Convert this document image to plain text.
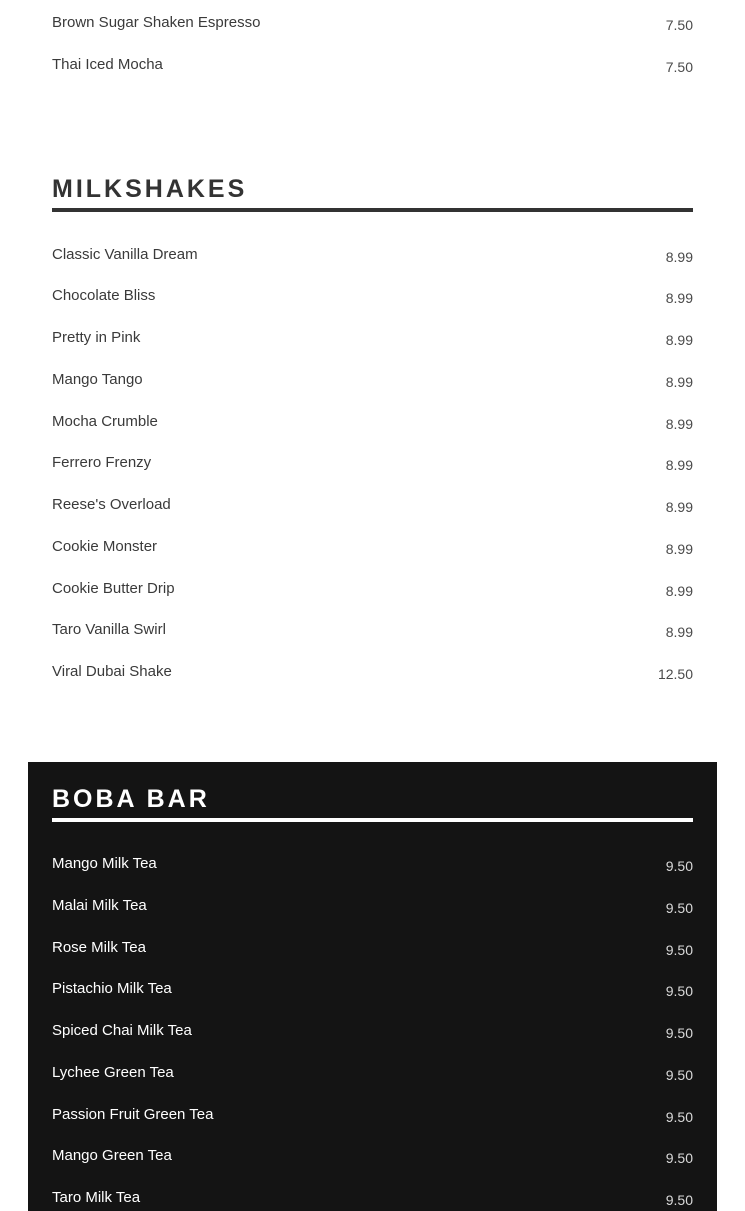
Brown Sugar Shaken Espresso	7.50
Thai Iced Mocha	7.50
MILKSHAKES
Classic Vanilla Dream	8.99
Chocolate Bliss	8.99
Pretty in Pink	8.99
Mango Tango	8.99
Mocha Crumble	8.99
Ferrero Frenzy	8.99
Reese's Overload	8.99
Cookie Monster	8.99
Cookie Butter Drip	8.99
Taro Vanilla Swirl	8.99
Viral Dubai Shake	12.50
BOBA BAR
Mango Milk Tea	9.50
Malai Milk Tea	9.50
Rose Milk Tea	9.50
Pistachio Milk Tea	9.50
Spiced Chai Milk Tea	9.50
Lychee Green Tea	9.50
Passion Fruit Green Tea	9.50
Mango Green Tea	9.50
Taro Milk Tea	9.50
